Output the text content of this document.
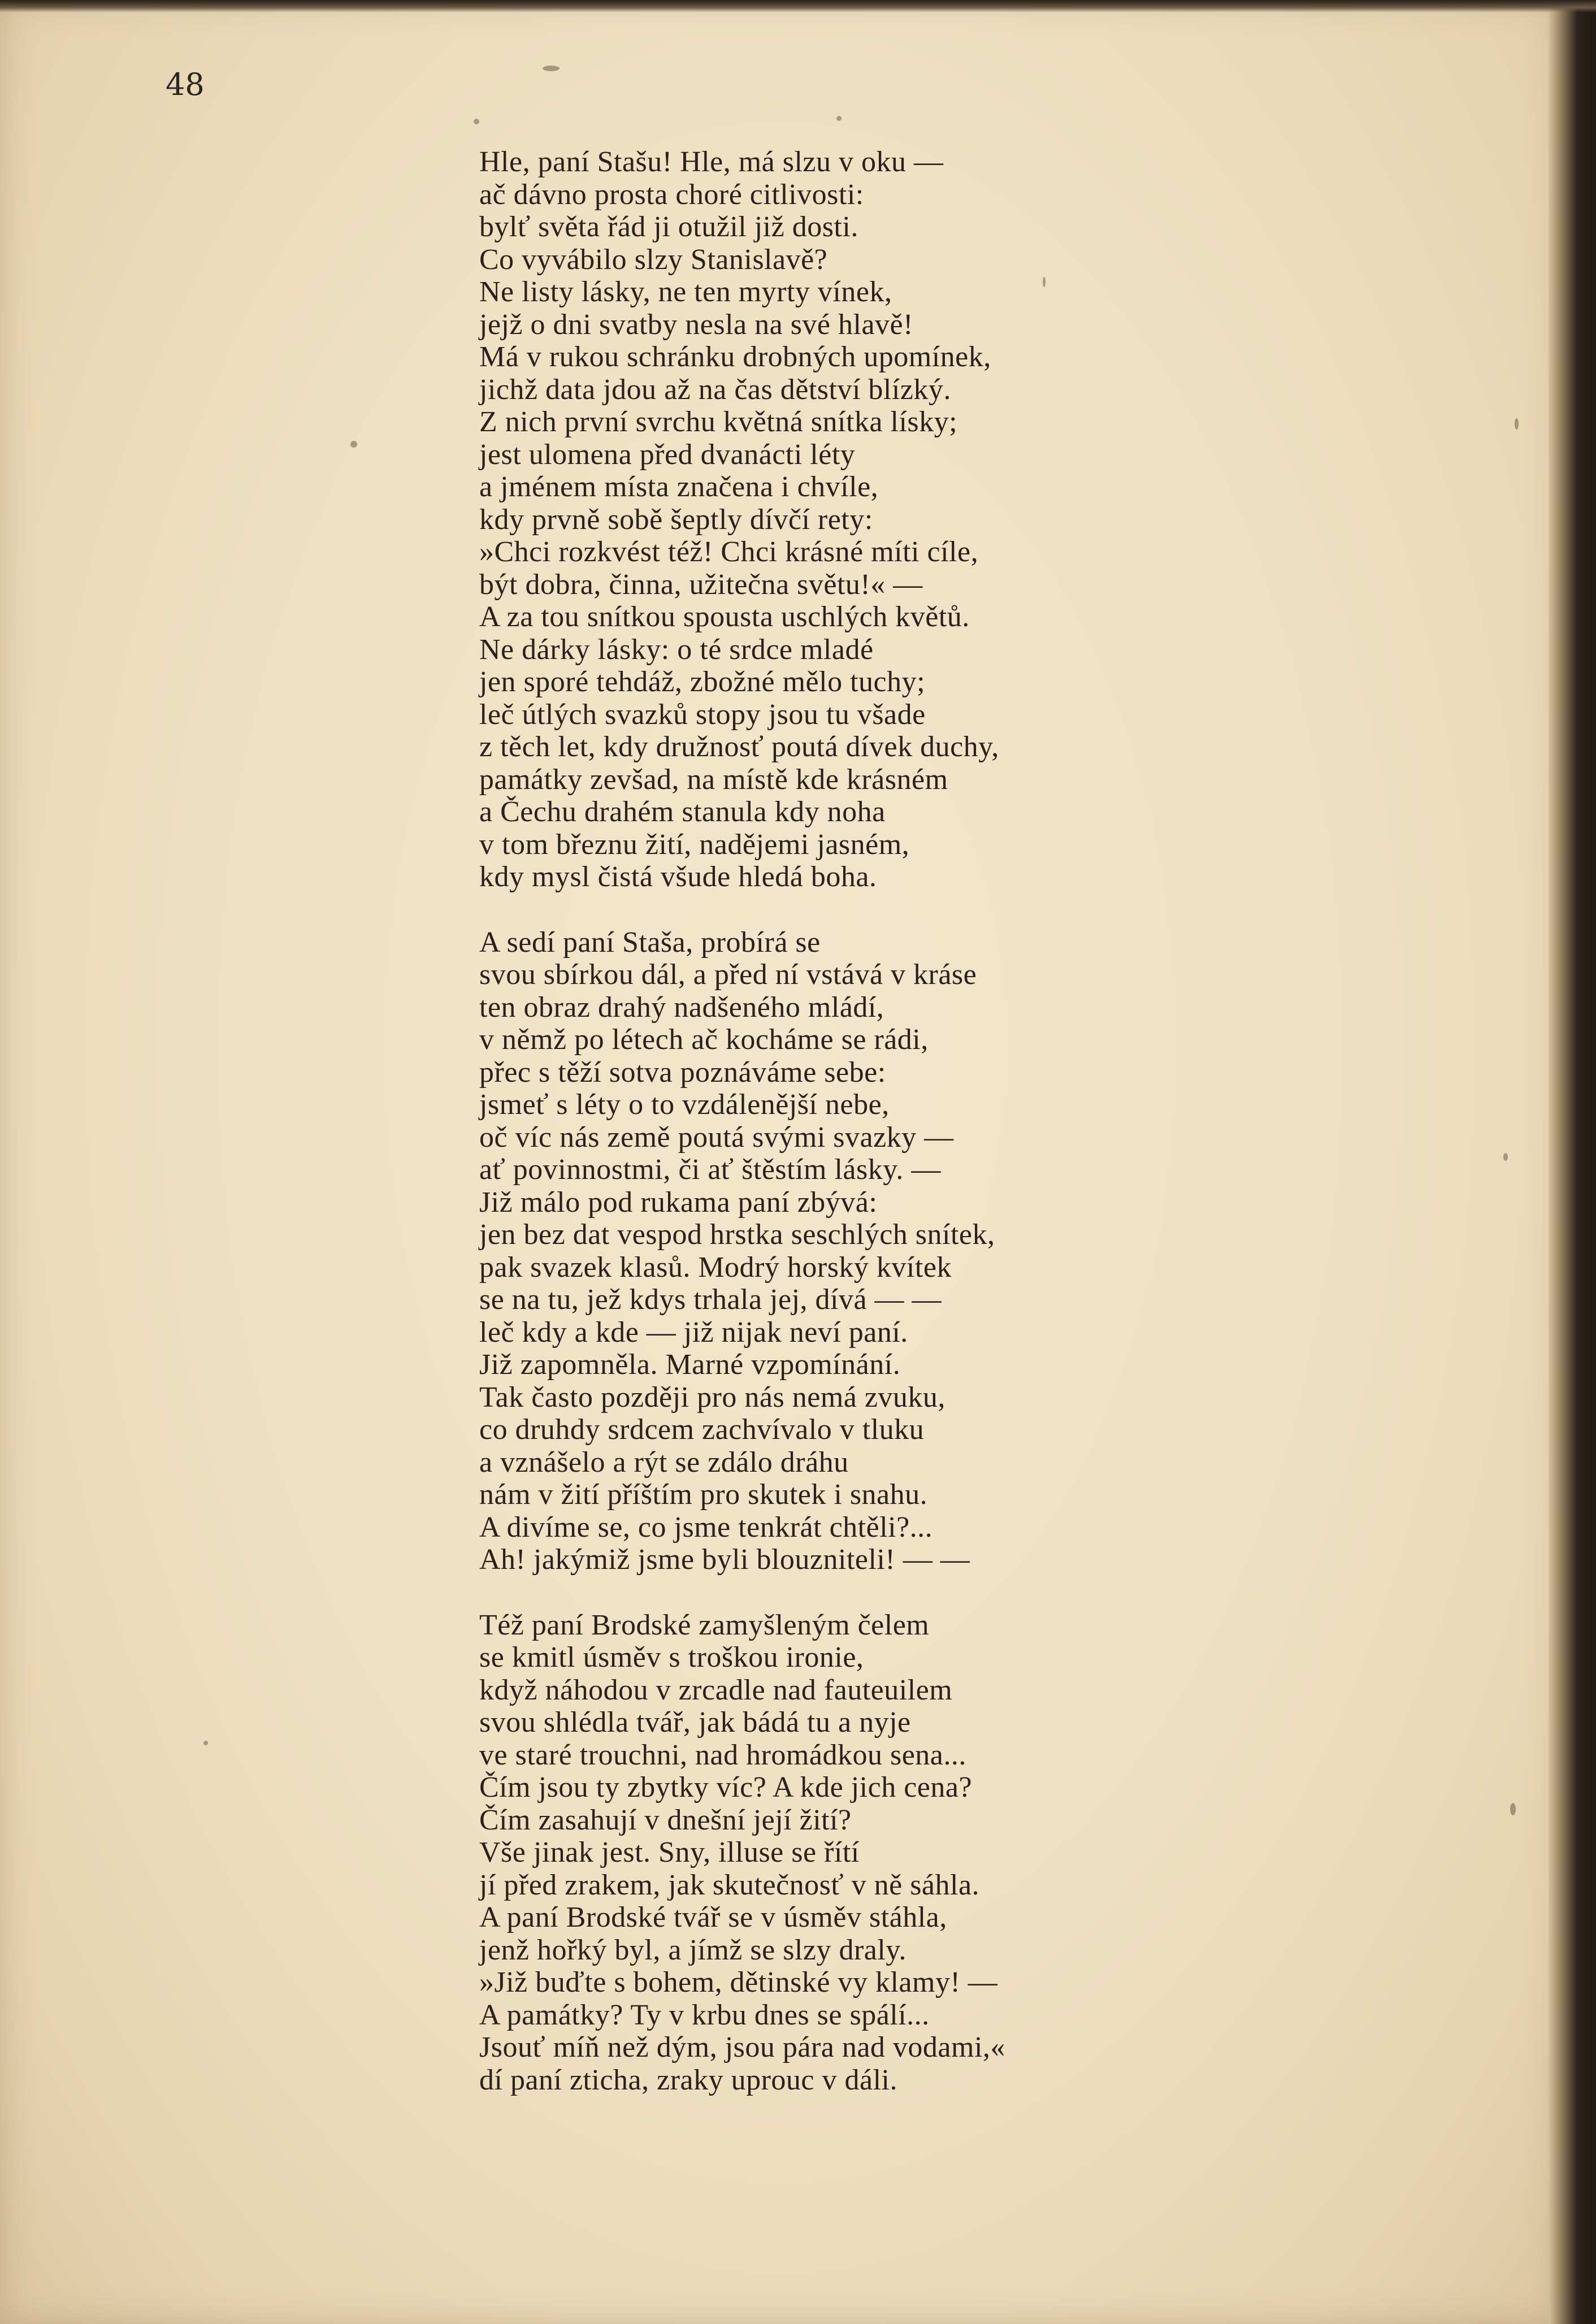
48
Hle, paní Stašu! Hle, má slzu v oku —
ač dávno prosta choré citlivosti:
bylť světa řád ji otužil již dosti.
Co vyvábilo slzy Stanislavě?
Ne listy lásky, ne ten myrty vínek,
jejž o dni svatby nesla na své hlavě!
Má v rukou schránku drobných upomínek,
jichž data jdou až na čas dětství blízký.
Z nich první svrchu květná snítka lísky;
jest ulomena před dvanácti léty
a jménem místa značena i chvíle,
kdy prvně sobě šeptly dívčí rety:
»Chci rozkvést též! Chci krásné míti cíle,
být dobra, činna, užitečna světu!« —
A za tou snítkou spousta uschlých květů.
Ne dárky lásky: o té srdce mladé
jen sporé tehdáž, zbožné mělo tuchy;
leč útlých svazků stopy jsou tu všade
z těch let, kdy družnosť poutá dívek duchy,
památky zevšad, na místě kde krásném
a Čechu drahém stanula kdy noha
v tom březnu žití, nadějemi jasném,
kdy mysl čistá všude hledá boha.
A sedí paní Staša, probírá se
svou sbírkou dál, a před ní vstává v kráse
ten obraz drahý nadšeného mládí,
v němž po létech ač kocháme se rádi,
přec s těží sotva poznáváme sebe:
jsmeť s léty o to vzdálenější nebe,
oč víc nás země poutá svými svazky —
ať povinnostmi, či ať štěstím lásky. —
Již málo pod rukama paní zbývá:
jen bez dat vespod hrstka seschlých snítek,
pak svazek klasů. Modrý horský kvítek
se na tu, jež kdys trhala jej, dívá — —
leč kdy a kde — již nijak neví paní.
Již zapomněla. Marné vzpomínání.
Tak často později pro nás nemá zvuku,
co druhdy srdcem zachvívalo v tluku
a vznášelo a rýt se zdálo dráhu
nám v žití příštím pro skutek i snahu.
A divíme se, co jsme tenkrát chtěli?...
Ah! jakýmiž jsme byli blouzniteli! — —
Též paní Brodské zamyšleným čelem
se kmitl úsměv s troškou ironie,
když náhodou v zrcadle nad fauteuilem
svou shlédla tvář, jak bádá tu a nyje
ve staré trouchni, nad hromádkou sena...
Čím jsou ty zbytky víc? A kde jich cena?
Čím zasahují v dnešní její žití?
Vše jinak jest. Sny, illuse se řítí
jí před zrakem, jak skutečnosť v ně sáhla.
A paní Brodské tvář se v úsměv stáhla,
jenž hořký byl, a jímž se slzy draly.
»Již buďte s bohem, dětinské vy klamy! —
A památky? Ty v krbu dnes se spálí...
Jsouť míň než dým, jsou pára nad vodami,«
dí paní zticha, zraky uprouc v dáli.
